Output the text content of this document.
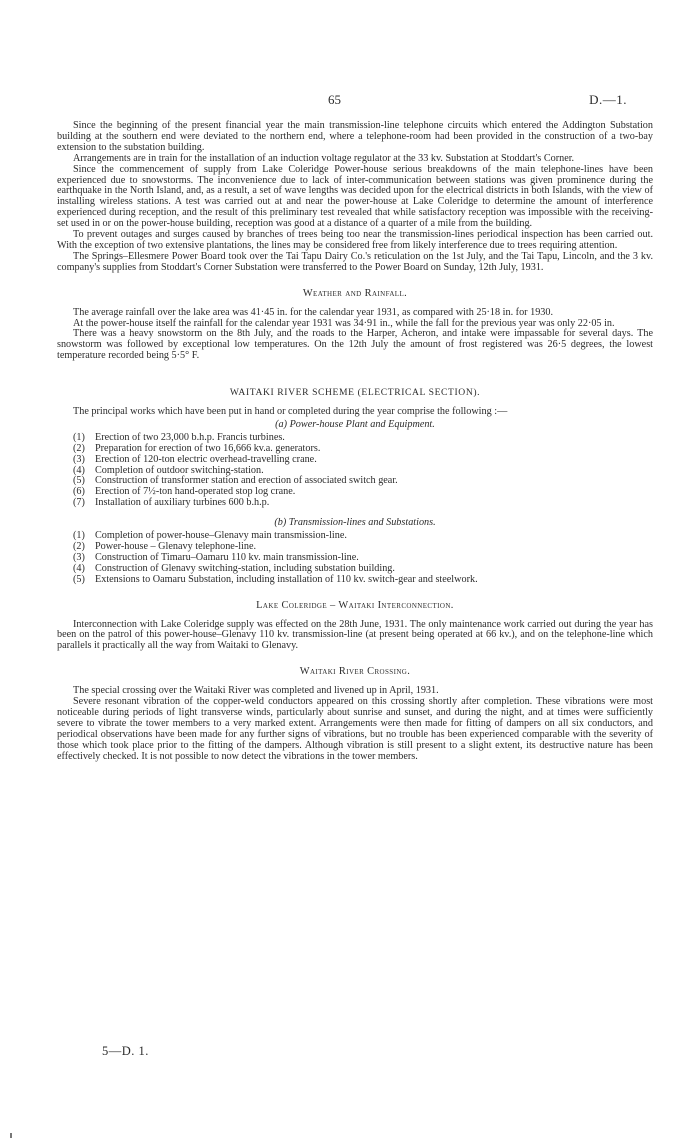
65	D.—1.

Since the beginning of the present financial year the main transmission-line telephone circuits which entered the Addington Substation building at the southern end were deviated to the northern end, where a telephone-room had been provided in the construction of a two-bay extension to the substation building.

Arrangements are in train for the installation of an induction voltage regulator at the 33 kv. Substation at Stoddart's Corner.

Since the commencement of supply from Lake Coleridge Power-house serious breakdowns of the main telephone-lines have been experienced due to snowstorms. The inconvenience due to lack of inter-communication between stations was given prominence during the earthquake in the North Island, and, as a result, a set of wave lengths was decided upon for the electrical districts in both Islands, with the view of installing wireless stations. A test was carried out at and near the power-house at Lake Coleridge to determine the amount of interference experienced during reception, and the result of this preliminary test revealed that while satisfactory reception was impossible with the receiving-set used in or on the power-house building, reception was good at a distance of a quarter of a mile from the building.

To prevent outages and surges caused by branches of trees being too near the transmission-lines periodical inspection has been carried out. With the exception of two extensive plantations, the lines may be considered free from likely interference due to trees requiring attention.

The Springs–Ellesmere Power Board took over the Tai Tapu Dairy Co.'s reticulation on the 1st July, and the Tai Tapu, Lincoln, and the 3 kv. company's supplies from Stoddart's Corner Substation were transferred to the Power Board on Sunday, 12th July, 1931.

Weather and Rainfall.

The average rainfall over the lake area was 41·45 in. for the calendar year 1931, as compared with 25·18 in. for 1930.

At the power-house itself the rainfall for the calendar year 1931 was 34·91 in., while the fall for the previous year was only 22·05 in.

There was a heavy snowstorm on the 8th July, and the roads to the Harper, Acheron, and intake were impassable for several days. The snowstorm was followed by exceptional low temperatures. On the 12th July the amount of frost registered was 26·5 degrees, the lowest temperature recorded being 5·5° F.

WAITAKI RIVER SCHEME (ELECTRICAL SECTION).

The principal works which have been put in hand or completed during the year comprise the following :—

(a) Power-house Plant and Equipment.
(1) Erection of two 23,000 b.h.p. Francis turbines.
(2) Preparation for erection of two 16,666 kv.a. generators.
(3) Erection of 120-ton electric overhead-travelling crane.
(4) Completion of outdoor switching-station.
(5) Construction of transformer station and erection of associated switch gear.
(6) Erection of 7½-ton hand-operated stop log crane.
(7) Installation of auxiliary turbines 600 b.h.p.
(b) Transmission-lines and Substations.
(1) Completion of power-house–Glenavy main transmission-line.
(2) Power-house – Glenavy telephone-line.
(3) Construction of Timaru–Oamaru 110 kv. main transmission-line.
(4) Construction of Glenavy switching-station, including substation building.
(5) Extensions to Oamaru Substation, including installation of 110 kv. switch-gear and steelwork.
Lake Coleridge – Waitaki Interconnection.

Interconnection with Lake Coleridge supply was effected on the 28th June, 1931. The only maintenance work carried out during the year has been on the patrol of this power-house–Glenavy 110 kv. transmission-line (at present being operated at 66 kv.), and on the telephone-line which parallels it practically all the way from Waitaki to Glenavy.

Waitaki River Crossing.

The special crossing over the Waitaki River was completed and livened up in April, 1931.

Severe resonant vibration of the copper-weld conductors appeared on this crossing shortly after completion. These vibrations were most noticeable during periods of light transverse winds, particularly about sunrise and sunset, and during the night, and at times were sufficiently severe to vibrate the tower members to a very marked extent. Arrangements were then made for fitting of dampers on all six conductors, and periodical observations have been made for any further signs of vibrations, but no trouble has been experienced comparable with the severity of those which took place prior to the fitting of the dampers. Although vibration is still present to a slight extent, its destructive nature has been effectively checked. It is not possible to now detect the vibrations in the tower members.

5—D. 1.
